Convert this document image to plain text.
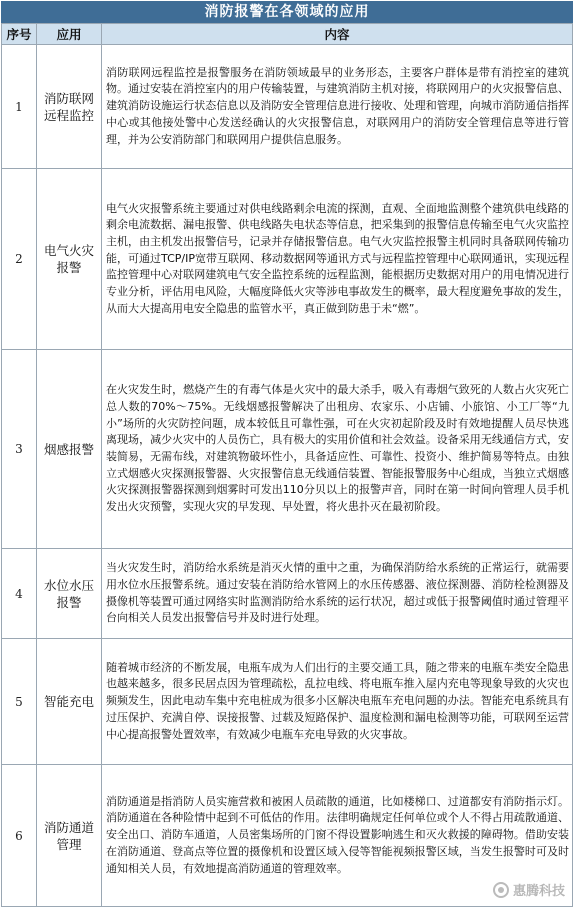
消防报警在各领域的应用
序号	应用	内容
1	消防联网远程监控	消防联网远程监控是报警服务在消防领域最早的业务形态，主要客户群体是带有消控室的建筑物。通过安装在消控室内的用户传输装置，与建筑消防主机对接，将联网用户的火灾报警信息、建筑消防设施运行状态信息以及消防安全管理信息进行接收、处理和管理，向城市消防通信指挥中心或其他接处警中心发送经确认的火灾报警信息，对联网用户的消防安全管理信息等进行管理，并为公安消防部门和联网用户提供信息服务。
2	电气火灾报警	电气火灾报警系统主要通过对供电线路剩余电流的探测，直观、全面地监测整个建筑供电线路的剩余电流数据、漏电报警、供电线路失电状态等信息，把采集到的报警信息传输至电气火灾监控主机，由主机发出报警信号，记录并存储报警信息。电气火灾监控报警主机同时具备联网传输功能，可通过TCP/IP宽带互联网、移动数据网等通讯方式与远程监控管理中心联网通讯，实现远程监控管理中心对联网建筑电气安全监控系统的远程监测，能根据历史数据对用户的用电情况进行专业分析，评估用电风险，大幅度降低火灾等涉电事故发生的概率，最大程度避免事故的发生，从而大大提高用电安全隐患的监管水平，真正做到防患于未“燃”。
3	烟感报警	在火灾发生时，燃烧产生的有毒气体是火灾中的最大杀手，吸入有毒烟气致死的人数占火灾死亡总人数的70%～75%。无线烟感报警解决了出租房、农家乐、小店铺、小旅馆、小工厂等“九小”场所的火灾防控问题，成本较低且可靠性强，可在火灾初起阶段及时有效地提醒人员尽快逃离现场，减少火灾中的人员伤亡，具有极大的实用价值和社会效益。设备采用无线通信方式，安装简易，无需布线，对建筑物破坏性小，具备适应性、可靠性、投资小、维护简易等特点。由独立式烟感火灾探测报警器、火灾报警信息无线通信装置、智能报警服务中心组成，当独立式烟感火灾探测报警器探测到烟雾时可发出110分贝以上的报警声音，同时在第一时间向管理人员手机发出火灾预警，实现火灾的早发现、早处置，将火患扑灭在最初阶段。
4	水位水压报警	当火灾发生时，消防给水系统是消灭火情的重中之重，为确保消防给水系统的正常运行，就需要用水位水压报警系统。通过安装在消防给水管网上的水压传感器、液位探测器、消防栓检测器及摄像机等装置可通过网络实时监测消防给水系统的运行状况，超过或低于报警阈值时通过管理平台向相关人员发出报警信号并及时进行处理。
5	智能充电	随着城市经济的不断发展，电瓶车成为人们出行的主要交通工具，随之带来的电瓶车类安全隐患也越来越多，很多民居点因为管理疏松，乱拉电线、将电瓶车推入屋内充电等现象导致的火灾也频频发生，因此电动车集中充电桩成为很多小区解决电瓶车充电问题的办法。智能充电系统具有过压保护、充满自停、误接报警、过载及短路保护、温度检测和漏电检测等功能，可联网至运营中心提高报警处置效率，有效减少电瓶车充电导致的火灾事故。
6	消防通道管理	消防通道是指消防人员实施营救和被困人员疏散的通道，比如楼梯口、过道都安有消防指示灯。消防通道在各种险情中起到不可低估的作用。法律明确规定任何单位或个人不得占用疏散通道、安全出口、消防车通道，人员密集场所的门窗不得设置影响逃生和灭火救援的障碍物。借助安装在消防通道、登高点等位置的摄像机和设置区域入侵等智能视频报警区域，当发生报警时可及时通知相关人员，有效地提高消防通道的管理效率。
惠腾科技
